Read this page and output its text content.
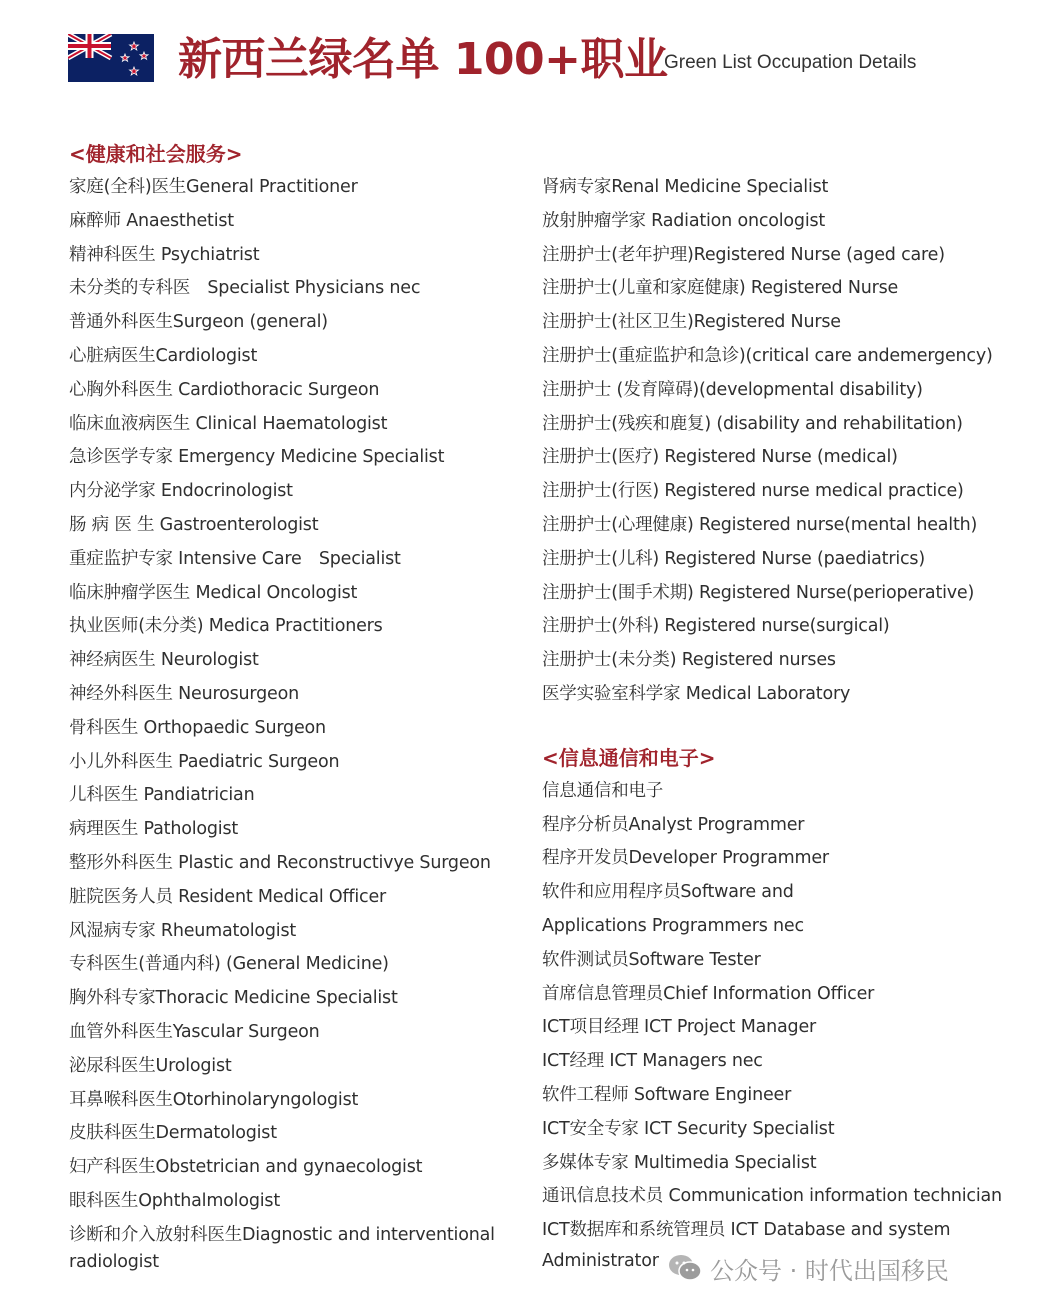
新西兰绿名单 100+职业
Green List Occupation Details
<健康和社会服务>
家庭(全科)医生General Practitioner
麻醉师 Anaesthetist
精神科医生 Psychiatrist
未分类的专科医　Specialist Physicians nec
普通外科医生Surgeon (general)
心脏病医生Cardiologist
心胸外科医生 Cardiothoracic Surgeon
临床血液病医生 Clinical Haematologist
急诊医学专家 Emergency Medicine Specialist
内分泌学家 Endocrinologist
肠 病 医 生 Gastroenterologist
重症监护专家 Intensive Care　Specialist
临床肿瘤学医生 Medical Oncologist
执业医师(未分类) Medica Practitioners
神经病医生 Neurologist
神经外科医生 Neurosurgeon
骨科医生 Orthopaedic Surgeon
小儿外科医生 Paediatric Surgeon
儿科医生 Pandiatrician
病理医生 Pathologist
整形外科医生 Plastic and Reconstructivye Surgeon
脏院医务人员 Resident Medical Officer
风湿病专家 Rheumatologist
专科医生(普通内科) (General Medicine)
胸外科专家Thoracic Medicine Specialist
血管外科医生Yascular Surgeon
泌尿科医生Urologist
耳鼻喉科医生Otorhinolaryngologist
皮肤科医生Dermatologist
妇产科医生Obstetrician and gynaecologist
眼科医生Ophthalmologist
诊断和介入放射科医生Diagnostic and interventional radiologist
肾病专家Renal Medicine Specialist
放射肿瘤学家 Radiation oncologist
注册护士(老年护理)Registered Nurse (aged care)
注册护士(儿童和家庭健康) Registered Nurse
注册护士(社区卫生)Registered Nurse
注册护士(重症监护和急诊)(critical care andemergency)
注册护士 (发育障碍)(developmental disability)
注册护士(残疾和鹿复) (disability and rehabilitation)
注册护士(医疗) Registered Nurse (medical)
注册护士(行医) Registered nurse medical practice)
注册护士(心理健康) Registered nurse(mental health)
注册护士(儿科) Registered Nurse (paediatrics)
注册护士(围手术期) Registered Nurse(perioperative)
注册护士(外科) Registered nurse(surgical)
注册护士(未分类) Registered nurses
医学实验室科学家 Medical Laboratory
<信息通信和电子>
信息通信和电子
程序分析员Analyst Programmer
程序开发员Developer Programmer
软件和应用程序员Software and
Applications Programmers nec
软件测试员Software Tester
首席信息管理员Chief Information Officer
ICT项目经理 ICT Project Manager
ICT经理 ICT Managers nec
软件工程师 Software Engineer
ICT安全专家 ICT Security Specialist
多媒体专家 Multimedia Specialist
通讯信息技术员 Communication information technician
ICT数据库和系统管理员 ICT Database and system
Administrator	公众号 · 时代出国移民
